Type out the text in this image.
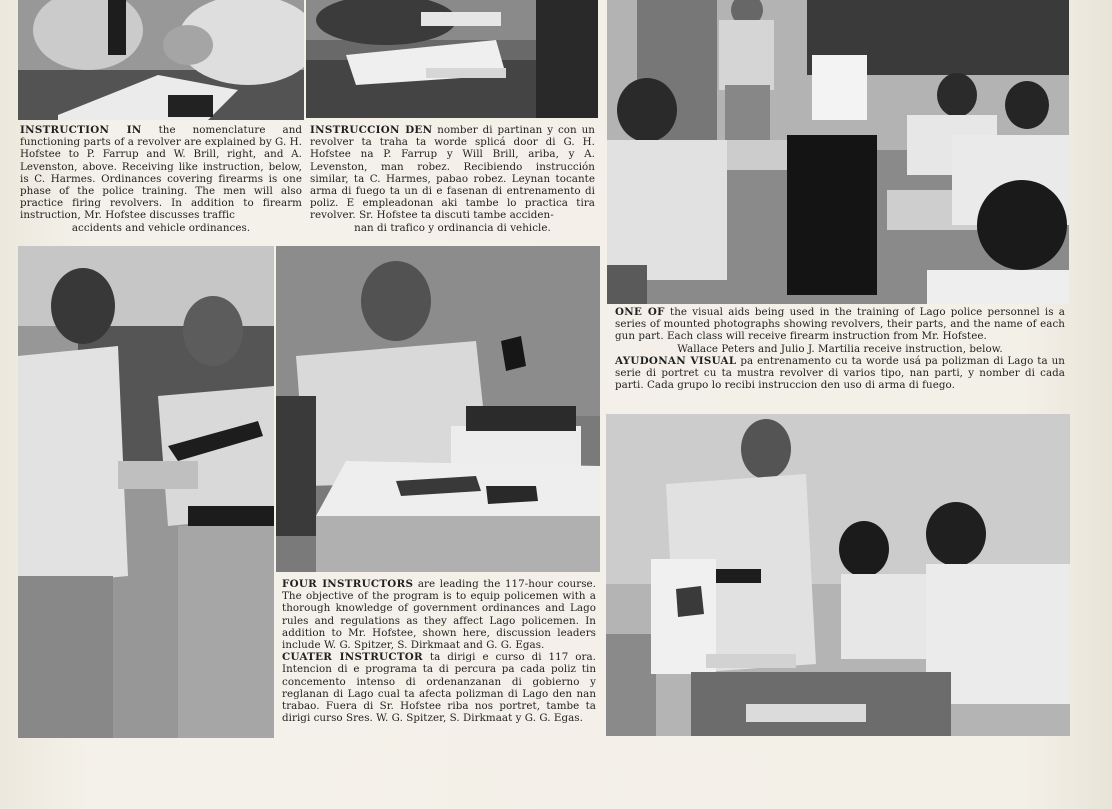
INSTRUCTION IN the nomenclature and functioning parts of a revolver are explained by G. H. Hofstee to P. Farrup and W. Brill, right, and A. Levenston, above. Receiving like instruction, below, is C. Harmes. Ordinances covering firearms is one phase of the police training. The men will also practice firing revolvers. In addition to firearm instruction, Mr. Hofstee discusses traffic

accidents and vehicle ordinances.

INSTRUCCION DEN nomber di partinan y con un revolver ta traha ta worde splicá door di G. H. Hofstee na P. Farrup y Will Brill, ariba, y A. Levenston, man robez. Recibiendo instrucción similar, ta C. Harmes, pabao robez. Leynan tocante arma di fuego ta un di e fasenan di entrenamento di poliz. E empleadonan aki tambe lo practica tira revolver. Sr. Hofstee ta discuti tambe acciden-

nan di trafico y ordinancia di vehicle.

ONE OF the visual aids being used in the training of Lago police personnel is a series of mounted photographs showing revolvers, their parts, and the name of each gun part. Each class will receive firearm instruction from Mr. Hofstee.

Wallace Peters and Julio J. Martilia receive instruction, below.

AYUDONAN VISUAL pa entrenamento cu ta worde usá pa polizman di Lago ta un serie di portret cu ta mustra revolver di varios tipo, nan parti, y nomber di cada parti. Cada grupo lo recibi instruccion den uso di arma di fuego.

FOUR INSTRUCTORS are leading the 117-hour course. The objective of the program is to equip policemen with a thorough knowledge of government ordinances and Lago rules and regulations as they affect Lago policemen. In addition to Mr. Hofstee, shown here, discussion leaders include W. G. Spitzer, S. Dirkmaat and G. G. Egas.

CUATER INSTRUCTOR ta dirigi e curso di 117 ora. Intencion di e programa ta di percura pa cada poliz tin concemento intenso di ordenanzanan di gobierno y reglanan di Lago cual ta afecta polizman di Lago den nan trabao. Fuera di Sr. Hofstee riba nos portret, tambe ta dirigi curso Sres. W. G. Spitzer, S. Dirkmaat y G. G. Egas.
